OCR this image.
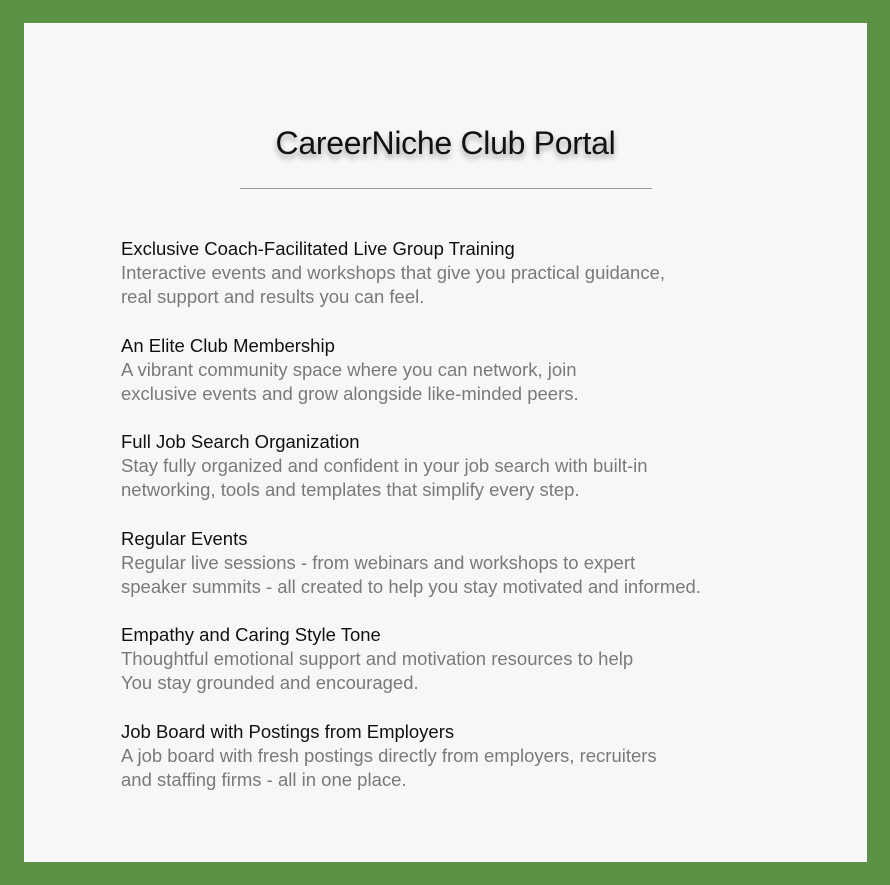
CareerNiche Club Portal
Exclusive Coach-Facilitated Live Group Training
Interactive events and workshops that give you practical guidance,
real support and results you can feel.
An Elite Club Membership
A vibrant community space where you can network, join
exclusive events and grow alongside like-minded peers.
Full Job Search Organization
Stay fully organized and confident in your job search with built-in
networking, tools and templates that simplify every step.
Regular Events
Regular live sessions - from webinars and workshops to expert
speaker summits - all created to help you stay motivated and informed.
Empathy and Caring Style Tone
Thoughtful emotional support and motivation resources to help
You stay grounded and encouraged.
Job Board with Postings from Employers
A job board with fresh postings directly from employers, recruiters
and staffing firms - all in one place.
